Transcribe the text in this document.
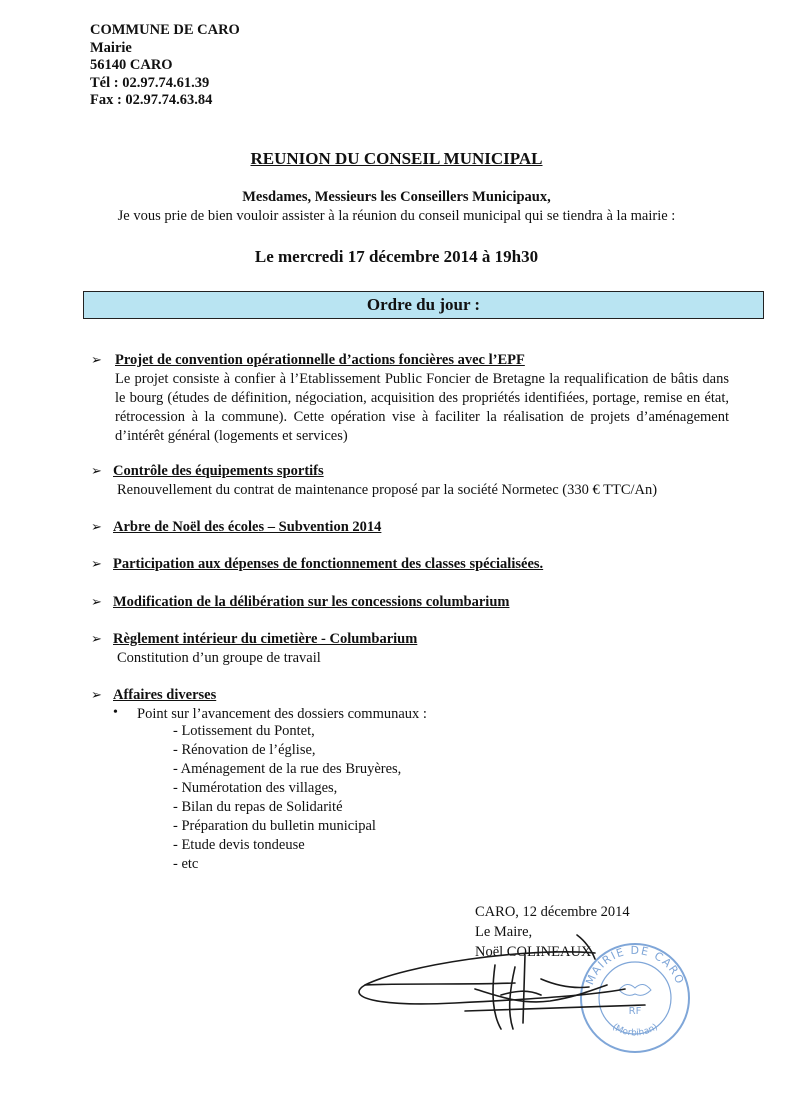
COMMUNE DE CARO
Mairie
56140 CARO
Tél : 02.97.74.61.39
Fax : 02.97.74.63.84
REUNION DU CONSEIL MUNICIPAL
Mesdames, Messieurs les Conseillers Municipaux,
Je vous prie de bien vouloir assister à la réunion du conseil municipal qui se tiendra à la mairie :
Le mercredi 17 décembre 2014 à 19h30
Ordre du jour :
➢ Projet de convention opérationnelle d’actions foncières avec l’EPF
Le projet consiste à confier à l’Etablissement Public Foncier de Bretagne la requalification de bâtis dans le bourg (études de définition, négociation, acquisition des propriétés identifiées, portage, remise en état, rétrocession à la commune). Cette opération vise à faciliter la réalisation de projets d’aménagement d’intérêt général (logements et services)
➢ Contrôle des équipements sportifs
Renouvellement du contrat de maintenance proposé par la société Normetec (330 € TTC/An)
➢ Arbre de Noël des écoles – Subvention 2014
➢ Participation aux dépenses de fonctionnement des classes spécialisées.
➢ Modification de la délibération sur les concessions columbarium
➢ Règlement intérieur du cimetière - Columbarium
Constitution d’un groupe de travail
➢ Affaires diverses
• Point sur l’avancement des dossiers communaux :
- Lotissement du Pontet,
- Rénovation de l’église,
- Aménagement de la rue des Bruyères,
- Numérotation des villages,
- Bilan du repas de Solidarité
- Préparation du bulletin municipal
- Etude devis tondeuse
- etc
CARO, 12 décembre 2014
Le Maire,
Noël COLINEAUX
MAIRIE DE CARO
RF
(Morbihan)
